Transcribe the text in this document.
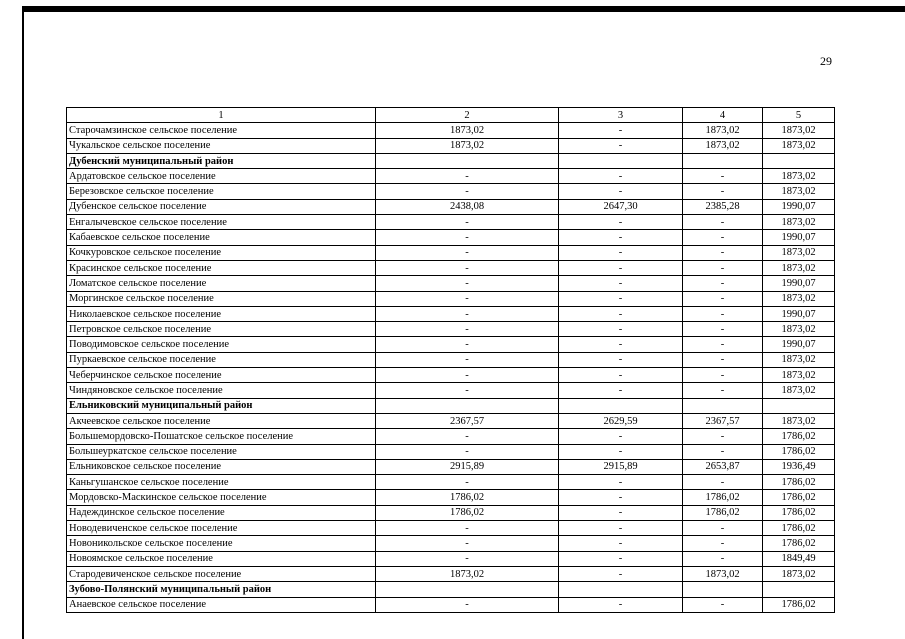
29
1	2	3	4	5
Старочамзинское сельское поселение	1873,02	-	1873,02	1873,02
Чукальское сельское поселение	1873,02	-	1873,02	1873,02
Дубенский муниципальный район				
Ардатовское сельское поселение	-	-	-	1873,02
Березовское сельское поселение	-	-	-	1873,02
Дубенское сельское поселение	2438,08	2647,30	2385,28	1990,07
Енгалычевское сельское поселение	-	-	-	1873,02
Кабаевское сельское поселение	-	-	-	1990,07
Кочкуровское сельское поселение	-	-	-	1873,02
Красинское сельское поселение	-	-	-	1873,02
Ломатское сельское поселение	-	-	-	1990,07
Моргинское сельское поселение	-	-	-	1873,02
Николаевское сельское поселение	-	-	-	1990,07
Петровское сельское поселение	-	-	-	1873,02
Поводимовское сельское поселение	-	-	-	1990,07
Пуркаевское сельское поселение	-	-	-	1873,02
Чеберчинское сельское поселение	-	-	-	1873,02
Чиндяновское сельское поселение	-	-	-	1873,02
Ельниковский муниципальный район				
Акчеевское сельское поселение	2367,57	2629,59	2367,57	1873,02
Большемордовско-Пошатское сельское поселение	-	-	-	1786,02
Большеуркатское сельское поселение	-	-	-	1786,02
Ельниковское сельское поселение	2915,89	2915,89	2653,87	1936,49
Каньгушанское сельское поселение	-	-	-	1786,02
Мордовско-Маскинское сельское поселение	1786,02	-	1786,02	1786,02
Надеждинское сельское поселение	1786,02	-	1786,02	1786,02
Новодевиченское сельское поселение	-	-	-	1786,02
Новоникольское сельское поселение	-	-	-	1786,02
Новоямское сельское поселение	-	-	-	1849,49
Стародевиченское сельское поселение	1873,02	-	1873,02	1873,02
Зубово-Полянский муниципальный район				
Анаевское сельское поселение	-	-	-	1786,02
